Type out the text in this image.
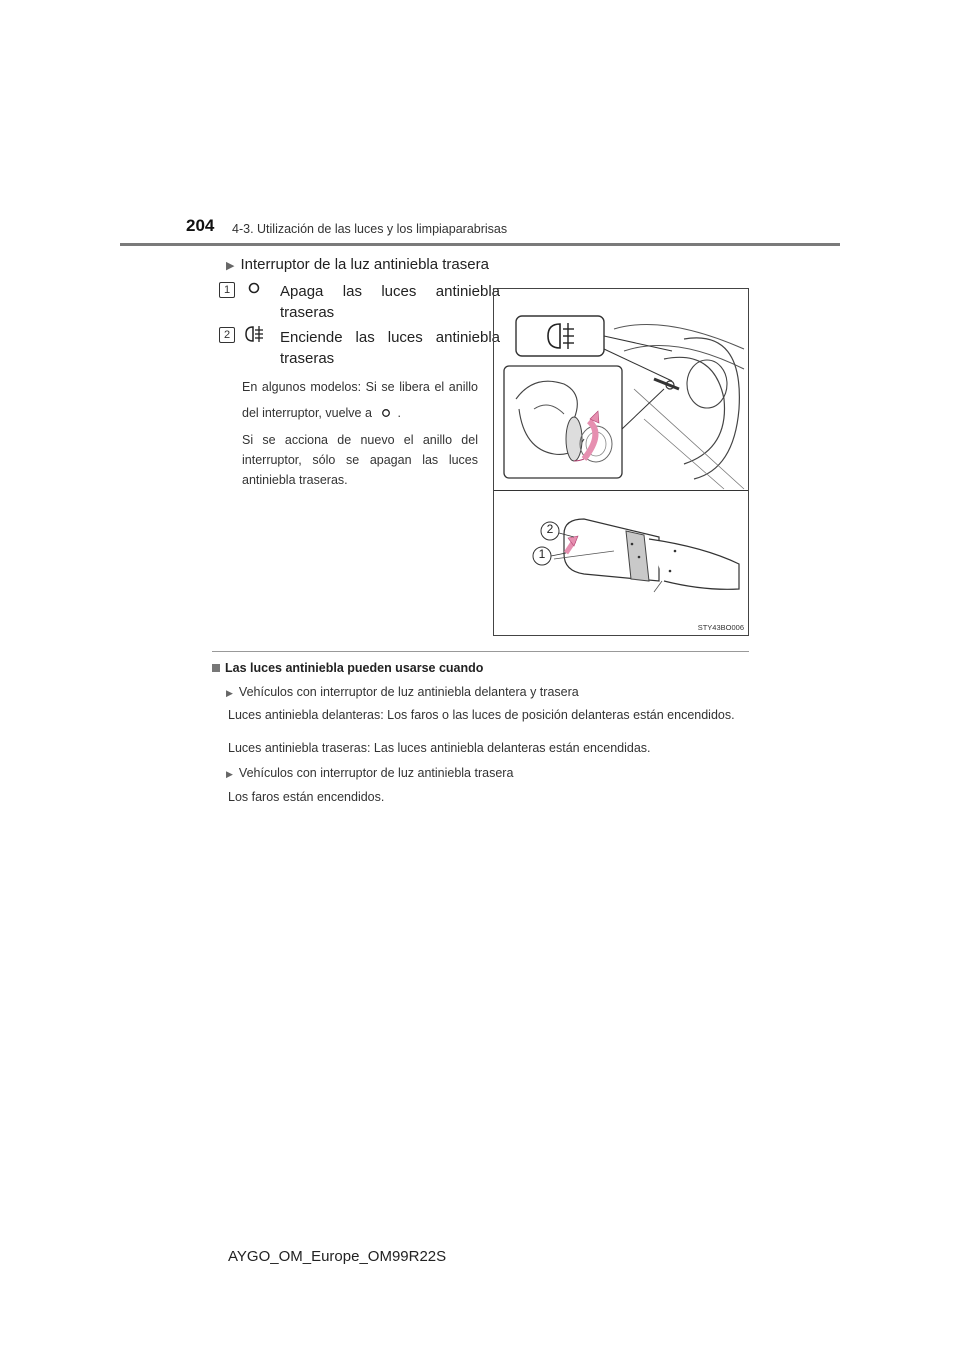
204 4-3. Utilización de las luces y los limpiaparabrisas
▶ Interruptor de la luz antiniebla trasera
1	Apaga las luces antiniebla traseras
2	Enciende las luces antiniebla traseras
En algunos modelos: Si se libera el anillo del interruptor, vuelve a .
Si se acciona de nuevo el anillo del interruptor, sólo se apagan las luces antiniebla traseras.
2
1
STY43BO006
Las luces antiniebla pueden usarse cuando
▶ Vehículos con interruptor de luz antiniebla delantera y trasera
Luces antiniebla delanteras: Los faros o las luces de posición delanteras están encendidos.
Luces antiniebla traseras: Las luces antiniebla delanteras están encendidas.
▶ Vehículos con interruptor de luz antiniebla trasera
Los faros están encendidos.
AYGO_OM_Europe_OM99R22S
